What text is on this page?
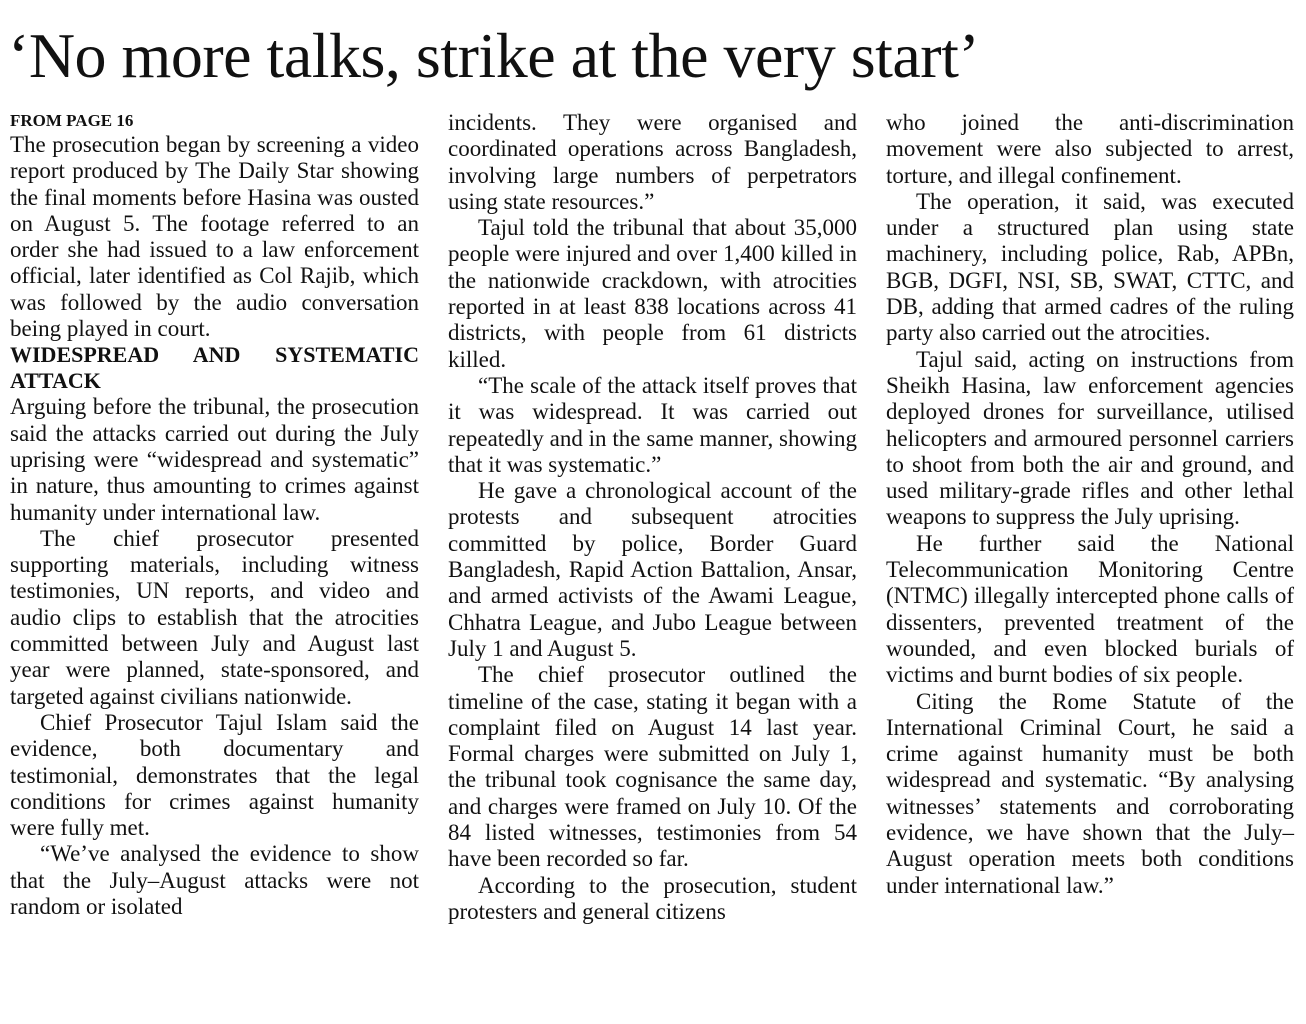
‘No more talks, strike at the very start’

FROM PAGE 16

The prosecution began by screening a video report produced by The Daily Star showing the final moments before Hasina was ousted on August 5. The footage referred to an order she had issued to a law enforcement official, later identified as Col Rajib, which was followed by the audio conversation being played in court.

WIDESPREAD AND SYSTEMATIC ATTACK

Arguing before the tribunal, the prosecution said the attacks carried out during the July uprising were “widespread and systematic” in nature, thus amounting to crimes against humanity under international law.

The chief prosecutor presented supporting materials, including witness testimonies, UN reports, and video and audio clips to establish that the atrocities committed between July and August last year were planned, state-sponsored, and targeted against civilians nationwide.

Chief Prosecutor Tajul Islam said the evidence, both documentary and testimonial, demonstrates that the legal conditions for crimes against humanity were fully met.

“We’ve analysed the evidence to show that the July–August attacks were not random or isolated

incidents. They were organised and coordinated operations across Bangladesh, involving large numbers of perpetrators using state resources.”

Tajul told the tribunal that about 35,000 people were injured and over 1,400 killed in the nationwide crackdown, with atrocities reported in at least 838 locations across 41 districts, with people from 61 districts killed.

“The scale of the attack itself proves that it was widespread. It was carried out repeatedly and in the same manner, showing that it was systematic.”

He gave a chronological account of the protests and subsequent atrocities committed by police, Border Guard Bangladesh, Rapid Action Battalion, Ansar, and armed activists of the Awami League, Chhatra League, and Jubo League between July 1 and August 5.

The chief prosecutor outlined the timeline of the case, stating it began with a complaint filed on August 14 last year. Formal charges were submitted on July 1, the tribunal took cognisance the same day, and charges were framed on July 10. Of the 84 listed witnesses, testimonies from 54 have been recorded so far.

According to the prosecution, student protesters and general citizens

who joined the anti-discrimination movement were also subjected to arrest, torture, and illegal confinement.

The operation, it said, was executed under a structured plan using state machinery, including police, Rab, APBn, BGB, DGFI, NSI, SB, SWAT, CTTC, and DB, adding that armed cadres of the ruling party also carried out the atrocities.

Tajul said, acting on instructions from Sheikh Hasina, law enforcement agencies deployed drones for surveillance, utilised helicopters and armoured personnel carriers to shoot from both the air and ground, and used military-grade rifles and other lethal weapons to suppress the July uprising.

He further said the National Telecommunication Monitoring Centre (NTMC) illegally intercepted phone calls of dissenters, prevented treatment of the wounded, and even blocked burials of victims and burnt bodies of six people.

Citing the Rome Statute of the International Criminal Court, he said a crime against humanity must be both widespread and systematic. “By analysing witnesses’ statements and corroborating evidence, we have shown that the July–August operation meets both conditions under international law.”
